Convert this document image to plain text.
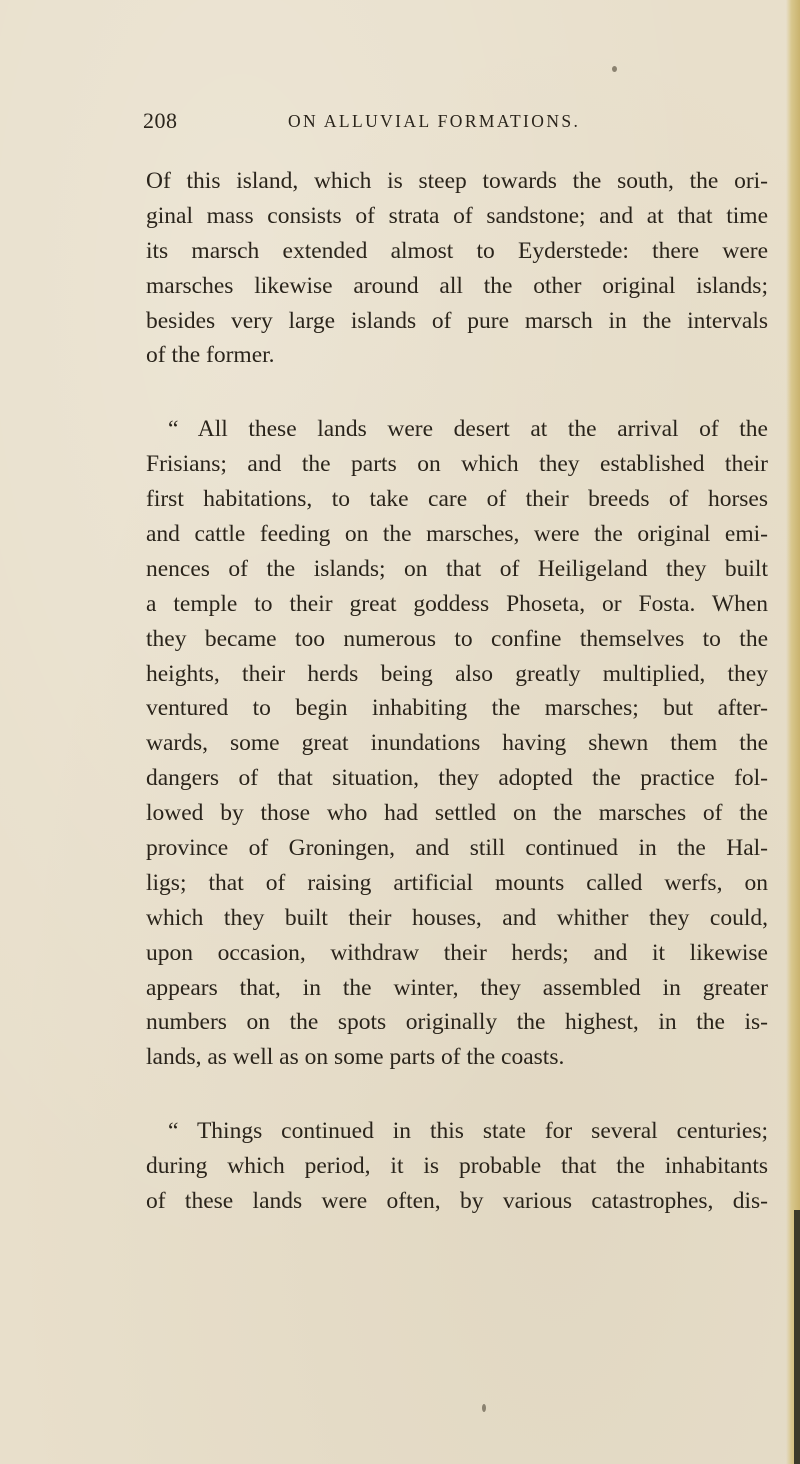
208	ON ALLUVIAL FORMATIONS.
Of this island, which is steep towards the south, the ori-
ginal mass consists of strata of sandstone; and at that time
its marsch extended almost to Eyderstede: there were
marsches likewise around all the other original islands;
besides very large islands of pure marsch in the intervals
of the former.
“ All these lands were desert at the arrival of the
Frisians; and the parts on which they established their
first habitations, to take care of their breeds of horses
and cattle feeding on the marsches, were the original emi-
nences of the islands; on that of Heiligeland they built
a temple to their great goddess Phoseta, or Fosta. When
they became too numerous to confine themselves to the
heights, their herds being also greatly multiplied, they
ventured to begin inhabiting the marsches; but after-
wards, some great inundations having shewn them the
dangers of that situation, they adopted the practice fol-
lowed by those who had settled on the marsches of the
province of Groningen, and still continued in the Hal-
ligs; that of raising artificial mounts called werfs, on
which they built their houses, and whither they could,
upon occasion, withdraw their herds; and it likewise
appears that, in the winter, they assembled in greater
numbers on the spots originally the highest, in the is-
lands, as well as on some parts of the coasts.
“ Things continued in this state for several centuries;
during which period, it is probable that the inhabitants
of these lands were often, by various catastrophes, dis-
